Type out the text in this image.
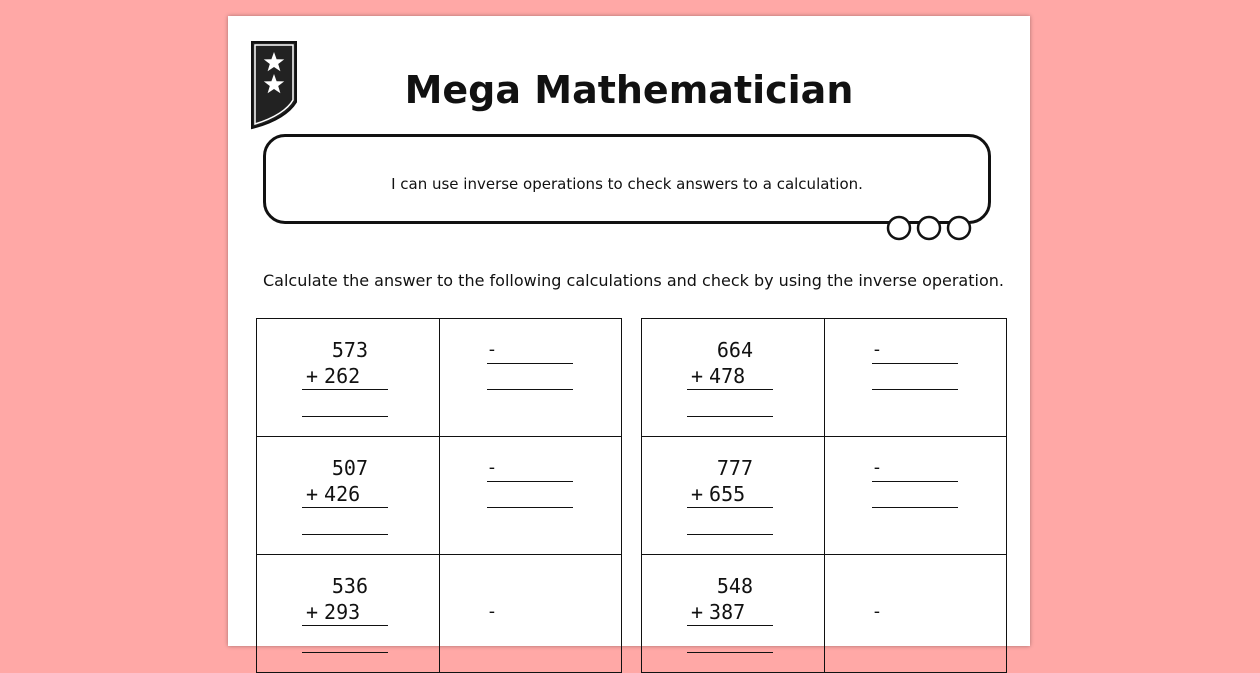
Mega Mathematician
I can use inverse operations to check answers to a calculation.
Calculate the answer to the following calculations and check by using the inverse operation.
573
+ 262	-

507
+ 426	-

536
+ 293	-
664
+ 478	-

777
+ 655	-

548
+ 387	-
